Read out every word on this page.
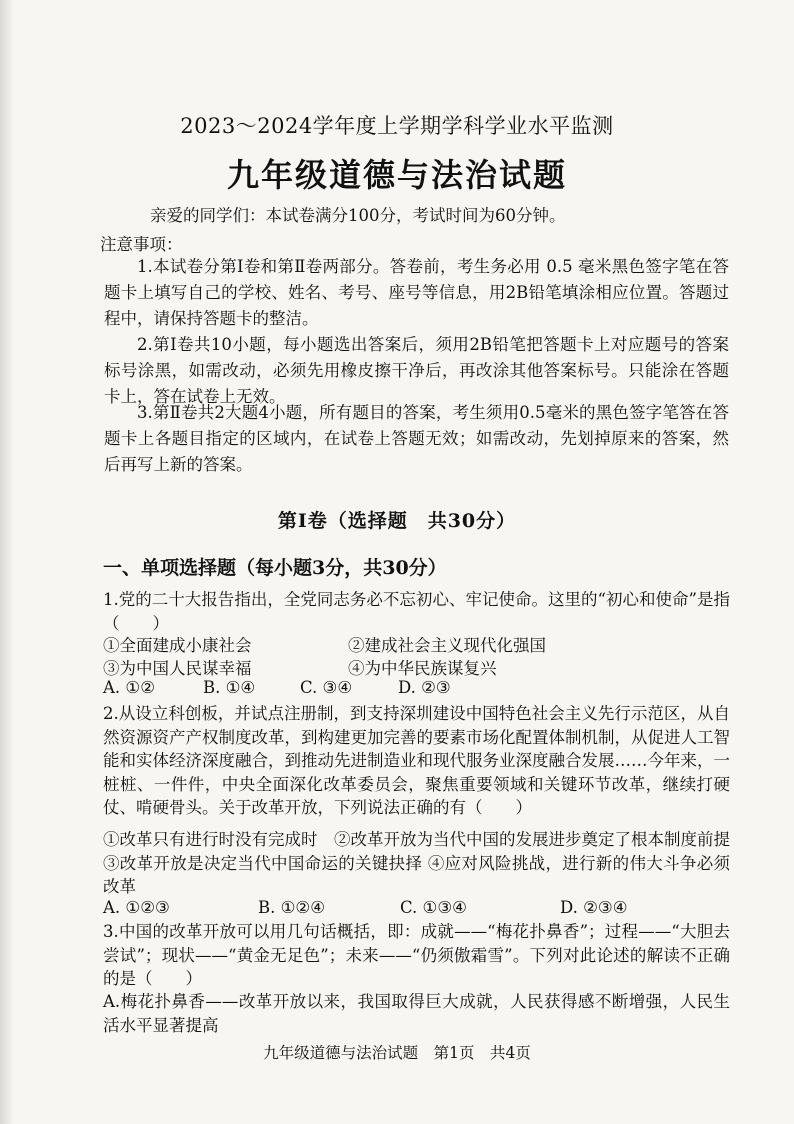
2023～2024学年度上学期学科学业水平监测
九年级道德与法治试题
亲爱的同学们：本试卷满分100分，考试时间为60分钟。
注意事项：
1.本试卷分第Ⅰ卷和第Ⅱ卷两部分。答卷前，考生务必用 0.5 毫米黑色签字笔在答题卡上填写自己的学校、姓名、考号、座号等信息，用2B铅笔填涂相应位置。答题过程中，请保持答题卡的整洁。
2.第Ⅰ卷共10小题，每小题选出答案后，须用2B铅笔把答题卡上对应题号的答案标号涂黑，如需改动，必须先用橡皮擦干净后，再改涂其他答案标号。只能涂在答题卡上，答在试卷上无效。
3.第Ⅱ卷共2大题4小题，所有题目的答案，考生须用0.5毫米的黑色签字笔答在答题卡上各题目指定的区域内，在试卷上答题无效；如需改动，先划掉原来的答案，然后再写上新的答案。
第Ⅰ卷（选择题　共30分）
一、单项选择题（每小题3分，共30分）
1.党的二十大报告指出，全党同志务必不忘初心、牢记使命。这里的“初心和使命”是指（　　）
①全面建成小康社会	②建成社会主义现代化强国
③为中国人民谋幸福	④为中华民族谋复兴
A. ①②	B. ①④	C. ③④	D. ②③
2.从设立科创板，并试点注册制，到支持深圳建设中国特色社会主义先行示范区，从自然资源资产产权制度改革，到构建更加完善的要素市场化配置体制机制，从促进人工智能和实体经济深度融合，到推动先进制造业和现代服务业深度融合发展……今年来，一桩桩、一件件，中央全面深化改革委员会，聚焦重要领域和关键环节改革，继续打硬仗、啃硬骨头。关于改革开放，下列说法正确的有（　　）
①改革只有进行时没有完成时　②改革开放为当代中国的发展进步奠定了根本制度前提③改革开放是决定当代中国命运的关键抉择 ④应对风险挑战，进行新的伟大斗争必须改革
A. ①②③	B. ①②④	C. ①③④	D. ②③④
3.中国的改革开放可以用几句话概括，即：成就——“梅花扑鼻香”；过程——“大胆去尝试”；现状——“黄金无足色”；未来——“仍须傲霜雪”。下列对此论述的解读不正确的是（　　）
A.梅花扑鼻香——改革开放以来，我国取得巨大成就，人民获得感不断增强，人民生活水平显著提高
九年级道德与法治试题　第1页　共4页
